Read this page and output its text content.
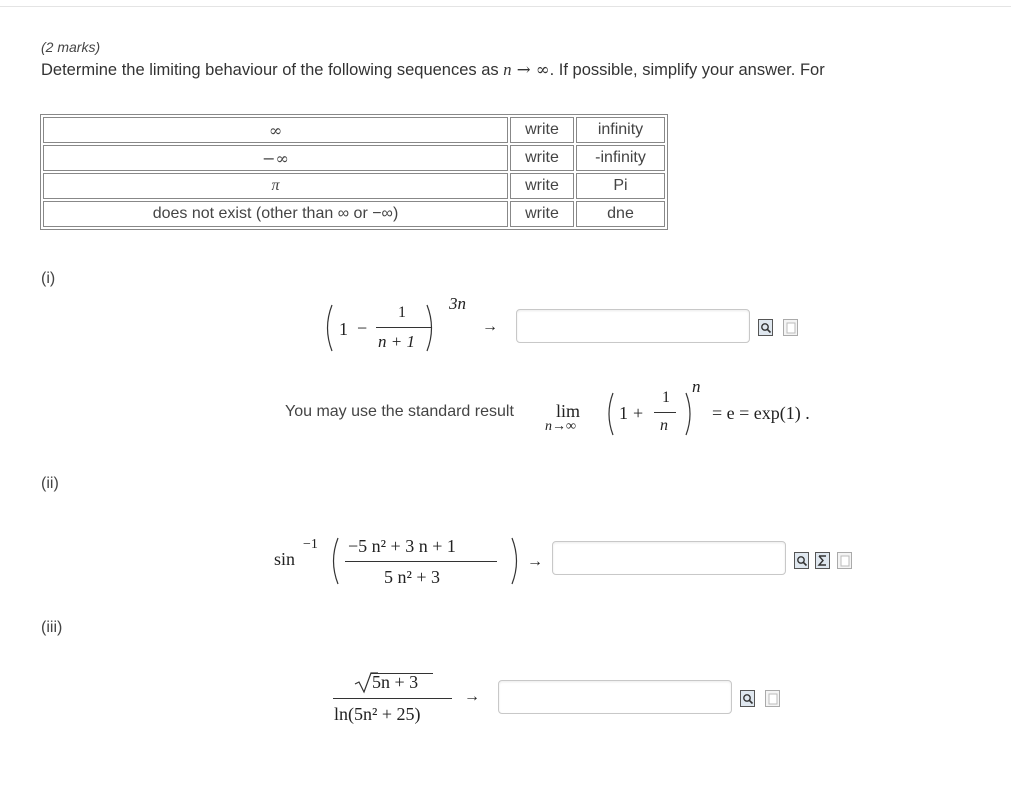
(2 marks)
Determine the limiting behaviour of the following sequences as n → ∞. If possible, simplify your answer. For
∞	write	infinity
−∞	write	-infinity
π	write	Pi
does not exist (other than ∞ or −∞)	write	dne
(i)
1 −
1
n + 1
3n
→
You may use the standard result lim
n→∞
1 +
1
n
n
= e = exp(1) .
(ii)
sin
−1 −5 n² + 3 n + 1
5 n² + 3
→
(iii)
5n + 3
ln(5n² + 25)
→
